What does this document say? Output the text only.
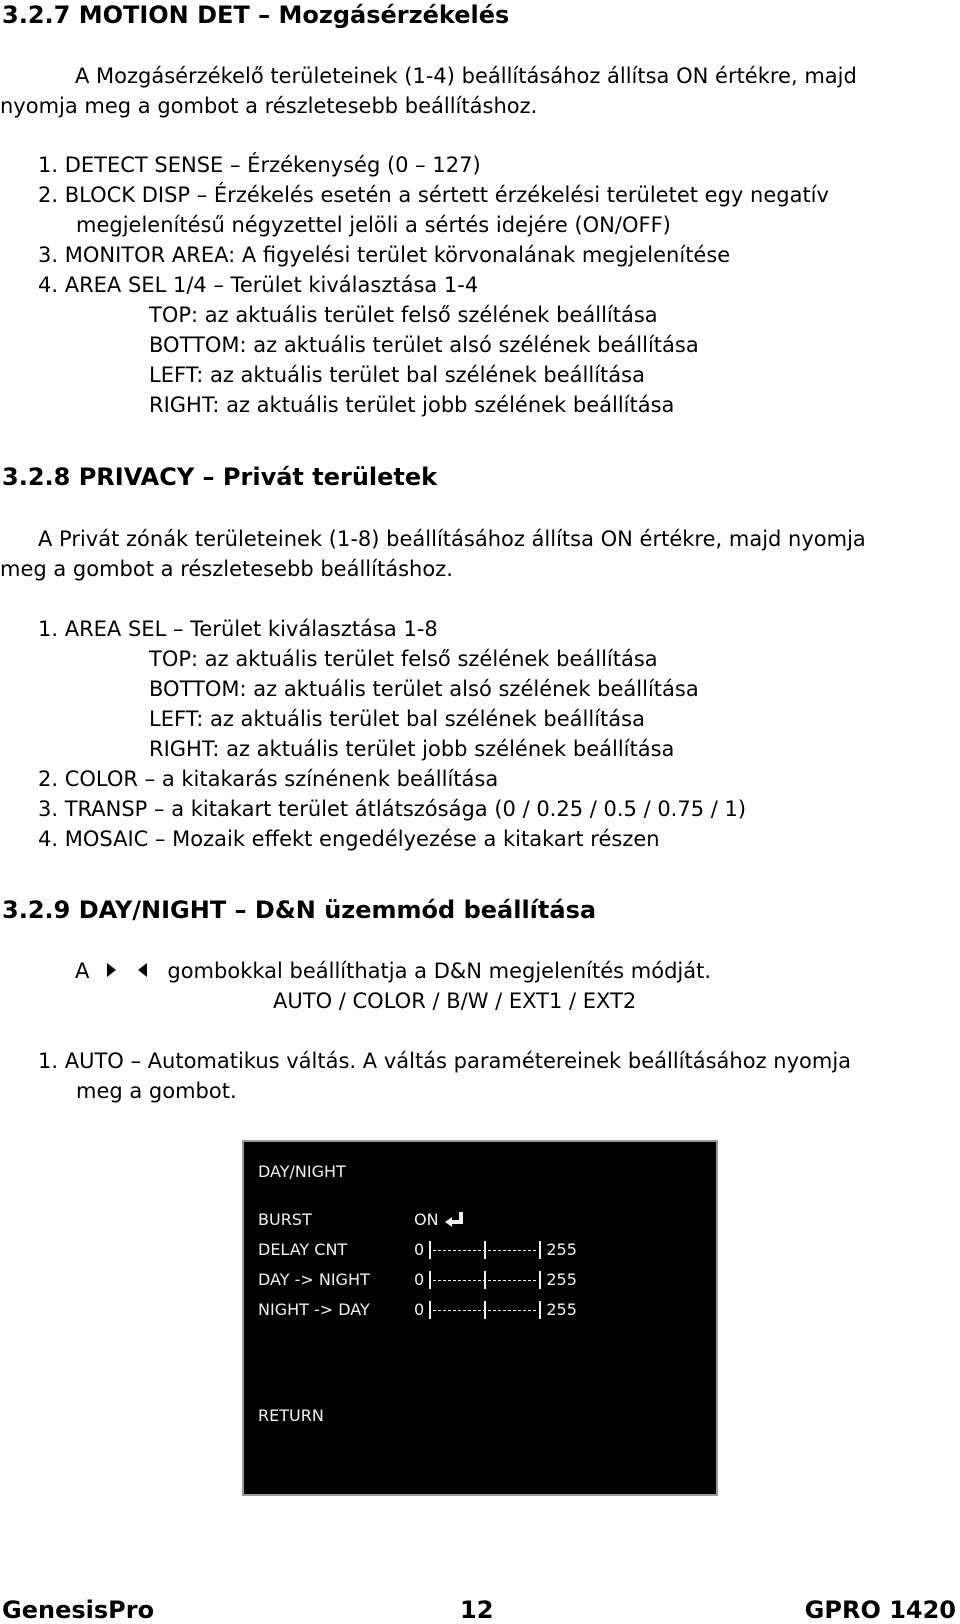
3.2.7 MOTION DET – Mozgásérzékelés
A Mozgásérzékelő területeinek (1-4) beállításához állítsa ON értékre, majd
nyomja meg a gombot a részletesebb beállításhoz.
1. DETECT SENSE – Érzékenység (0 – 127)
2. BLOCK DISP – Érzékelés esetén a sértett érzékelési területet egy negatív
megjelenítésű négyzettel jelöli a sértés idejére (ON/OFF)
3. MONITOR AREA: A figyelési terület körvonalának megjelenítése
4. AREA SEL 1/4 – Terület kiválasztása 1-4
TOP: az aktuális terület felső szélének beállítása
BOTTOM: az aktuális terület alsó szélének beállítása
LEFT: az aktuális terület bal szélének beállítása
RIGHT: az aktuális terület jobb szélének beállítása
3.2.8 PRIVACY – Privát területek
A Privát zónák területeinek (1-8) beállításához állítsa ON értékre, majd nyomja
meg a gombot a részletesebb beállításhoz.
1. AREA SEL – Terület kiválasztása 1-8
TOP: az aktuális terület felső szélének beállítása
BOTTOM: az aktuális terület alsó szélének beállítása
LEFT: az aktuális terület bal szélének beállítása
RIGHT: az aktuális terület jobb szélének beállítása
2. COLOR – a kitakarás színénenk beállítása
3. TRANSP – a kitakart terület átlátszósága (0 / 0.25 / 0.5 / 0.75 / 1)
4. MOSAIC – Mozaik effekt engedélyezése a kitakart részen
3.2.9 DAY/NIGHT – D&N üzemmód beállítása
A	gombokkal beállíthatja a D&N megjelenítés módját.
AUTO / COLOR / B/W / EXT1 / EXT2
1. AUTO – Automatikus váltás. A váltás paramétereinek beállításához nyomja
meg a gombot.
DAY/NIGHT
BURST	ON
DELAY CNT	0	255
DAY -> NIGHT	0	255
NIGHT -> DAY	0	255
RETURN
GenesisPro	12	GPRO 1420
